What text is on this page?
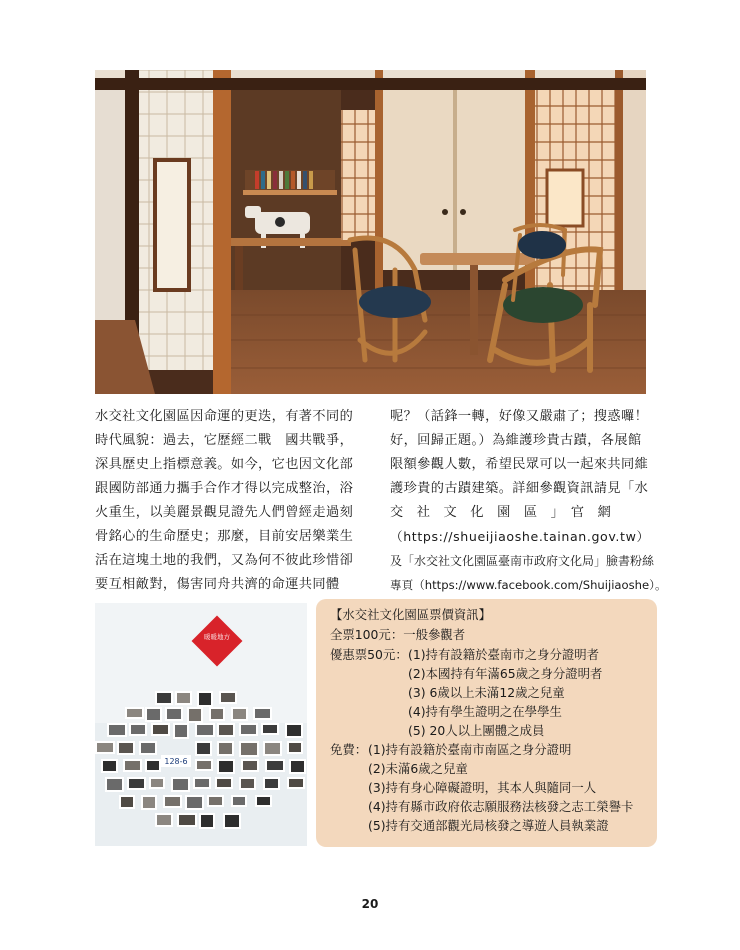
水交社文化園區因命運的更迭，有著不同的

時代風貌：過去，它歷經二戰　國共戰爭，

深具歷史上指標意義。如今，它也因文化部

跟國防部通力攜手合作才得以完成整治，浴

火重生，以美麗景觀見證先人們曾經走過刻

骨銘心的生命歷史；那麼，目前安居樂業生

活在這塊土地的我們，又為何不彼此珍惜卻

要互相敵對，傷害同舟共濟的命運共同體

呢？（話鋒一轉，好像又嚴肅了；搜惑囉！

好，回歸正題。）為維護珍貴古蹟，各展館

限額參觀人數，希望民眾可以一起來共同維

護珍貴的古蹟建築。詳細參觀資訊請見「水

交　社　文　化　園　區　」　官　網

（https://shueijiaoshe.tainan.gov.tw）

及「水交社文化園區臺南市政府文化局」臉書粉絲

專頁（https://www.facebook.com/Shuijiaoshe）。

暖暖地方
128-6
【水交社文化園區票價資訊】
全票100元：一般參觀者
優惠票50元： (1)持有設籍於臺南市之身分證明者
(2)本國持有年滿65歲之身分證明者
(3) 6歲以上未滿12歲之兒童
(4)持有學生證明之在學學生
(5) 20人以上團體之成員
免費： (1)持有設籍於臺南市南區之身分證明
(2)未滿6歲之兒童
(3)持有身心障礙證明，其本人與隨同一人
(4)持有縣市政府依志願服務法核發之志工榮譽卡
(5)持有交通部觀光局核發之導遊人員執業證
20
